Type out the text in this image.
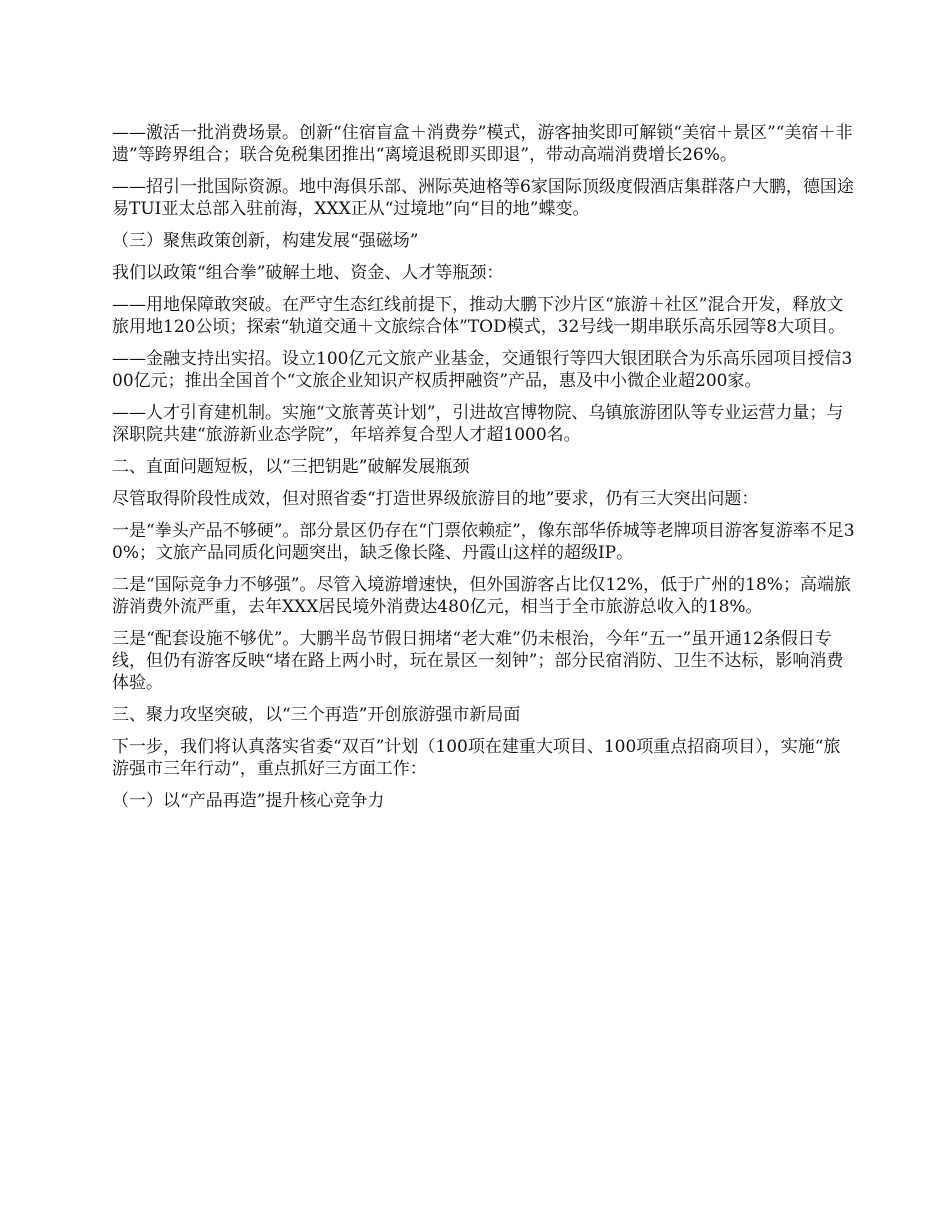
——激活一批消费场景。创新“住宿盲盒＋消费券”模式，游客抽奖即可解锁“美宿＋景区”“美宿＋非遗”等跨界组合；联合免税集团推出“离境退税即买即退”，带动高端消费增长26%。

——招引一批国际资源。地中海俱乐部、洲际英迪格等6家国际顶级度假酒店集群落户大鹏，德国途易TUI亚太总部入驻前海，XXX正从“过境地”向“目的地”蝶变。

（三）聚焦政策创新，构建发展“强磁场”

我们以政策“组合拳”破解土地、资金、人才等瓶颈：

——用地保障敢突破。在严守生态红线前提下，推动大鹏下沙片区“旅游＋社区”混合开发，释放文旅用地120公顷；探索“轨道交通＋文旅综合体”TOD模式，32号线一期串联乐高乐园等8大项目。

——金融支持出实招。设立100亿元文旅产业基金，交通银行等四大银团联合为乐高乐园项目授信300亿元；推出全国首个“文旅企业知识产权质押融资”产品，惠及中小微企业超200家。

——人才引育建机制。实施“文旅菁英计划”，引进故宫博物院、乌镇旅游团队等专业运营力量；与深职院共建“旅游新业态学院”，年培养复合型人才超1000名。

二、直面问题短板，以“三把钥匙”破解发展瓶颈

尽管取得阶段性成效，但对照省委“打造世界级旅游目的地”要求，仍有三大突出问题：

一是“拳头产品不够硬”。部分景区仍存在“门票依赖症”，像东部华侨城等老牌项目游客复游率不足30%；文旅产品同质化问题突出，缺乏像长隆、丹霞山这样的超级IP。

二是“国际竞争力不够强”。尽管入境游增速快，但外国游客占比仅12%，低于广州的18%；高端旅游消费外流严重，去年XXX居民境外消费达480亿元，相当于全市旅游总收入的18%。

三是“配套设施不够优”。大鹏半岛节假日拥堵“老大难”仍未根治，今年“五一”虽开通12条假日专线，但仍有游客反映“堵在路上两小时，玩在景区一刻钟”；部分民宿消防、卫生不达标，影响消费体验。

三、聚力攻坚突破，以“三个再造”开创旅游强市新局面

下一步，我们将认真落实省委“双百”计划（100项在建重大项目、100项重点招商项目），实施“旅游强市三年行动”，重点抓好三方面工作：

（一）以“产品再造”提升核心竞争力
